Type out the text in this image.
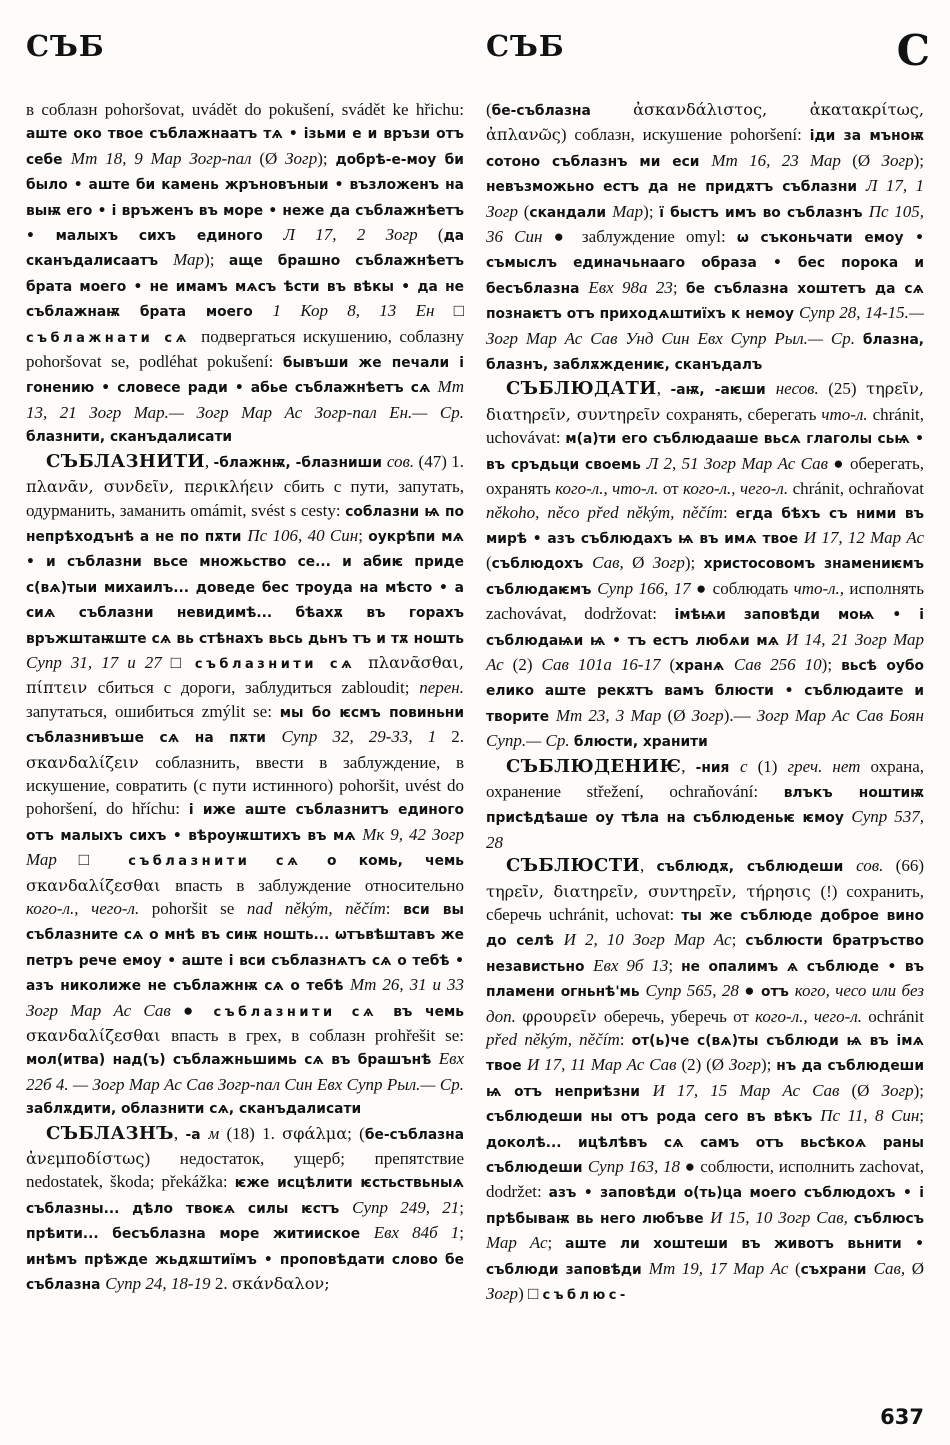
СЪБ	СЪБ	С

в соблазн pohoršovat, uvádět do pokušení, svádět ke hřichu: аште око твое съблажнаатъ тѧ • ізьми е и връзи отъ себе Мт 18, 9 Мар Зогр-пал (Ø Зогр); добрѣ-е-моу би было • аште би камень жръновъныи • възложенъ на выѭ его • і връженъ въ море • неже да съблажнѣетъ • малыхъ сихъ единого Л 17, 2 Зогр (да сканъдалисаатъ Мар); аще брашно съблажнѣетъ брата моего • не имамъ мѧсъ ѣсти въ вѣкы • да не съблажнаѭ брата моего 1 Кор 8, 13 Ен □ съблажнати сѧ подвергаться искушению, соблазну pohoršovat se, podléhat pokušení: бывъши же печали і гонению • словесе ради • абье съблажнѣетъ сѧ Мт 13, 21 Зогр Мар.— Зогр Мар Ас Зогр-пал Ен.— Ср. блазнити, сканъдалисати

СЪБЛАЗНИТИ, -блажнѭ, -блазниши сов. (47) 1. πλανᾶν, συνδεῖν, περικλήειν сбить с пути, запутать, одурманить, заманить omámit, svést s cesty: соблазни ѩ по непрѣходънѣ а не по пѫти Пс 106, 40 Син; оукрѣпи мѧ • и съблазни вьсе множьство се... и абиѥ приде с(вѧ)тыи михаилъ... доведе бес троуда на мѣсто • а сиѧ съблазни невидимѣ... бѣахѫ въ горахъ връжштаѭште сѧ вь стѣнахъ вьсь дьнъ тъ и тѫ ношть Супр 31, 17 и 27 □ съблазнити сѧ πλανᾶσθαι, πίπτειν сбиться с дороги, заблудиться zabloudit; перен. запутаться, ошибиться zmýlit se: мы бо ѥсмъ повиньни съблазнивъше сѧ на пѫти Супр 32, 29-33, 1 2. σκανδαλίζειν соблазнить, ввести в заблуждение, в искушение, совратить (с пути истинного) pohoršit, uvést do pohoršení, do hříchu: і иже аште съблазнитъ единого отъ малыхъ сихъ • вѣроуѭштихъ въ мѧ Мк 9, 42 Зогр Мар □ съблазнити сѧ о комь, чемь σκανδαλίζεσθαι впасть в заблуждение относительно кого-л., чего-л. pohoršit se nad někým, něčím: вси вы съблазните сѧ о мнѣ въ сиѭ ношть... ѡтъвѣштавъ же петръ рече емоу • аште і вси съблазнѧтъ сѧ о тебѣ • азъ николиже не съблажнѭ сѧ о тебѣ Мт 26, 31 и 33 Зогр Мар Ас Сав ● съблазнити сѧ въ чемь σκανδαλίζεσθαι впасть в грех, в соблазн prohřešit se: мол(итва) над(ъ) съблажньшимь сѧ въ брашънѣ Евх 22б 4. — Зогр Мар Ас Сав Зогр-пал Син Евх Супр Рыл.— Ср. заблѫдити, облазнити сѧ, сканъдалисати

СЪБЛАЗНЪ, -а м (18) 1. σφάλμα; (бе-съблазна ἀνεμποδίστως) недостаток, ущерб; препятствие nedostatek, škoda; překážka: ѥже исцѣлити ѥстьствьныѧ съблазны... дѣло твоѥѧ силы ѥстъ Супр 249, 21; прѣити... бесъблазна море житииское Евх 84б 1; инѣмъ прѣжде жьдѫштиїмъ • проповѣдати слово бе съблазна Супр 24, 18-19 2. σκάνδαλον;

(бе-съблазна ἀσκανδάλιστος, ἀκατακρίτως, ἀπλανῶς) соблазн, искушение pohoršení: іди за мъноѭ сотоно съблазнъ ми еси Мт 16, 23 Мар (Ø Зогр); невъзможьно естъ да не придѫтъ съблазни Л 17, 1 Зогр (скандали Мар); ї быстъ имъ во съблазнъ Пс 105, 36 Син ● заблуждение omyl: ѡ съконьчати емоу • съмыслъ единачьнааго образа • бес порока и бесъблазна Евх 98а 23; бе съблазна хоштетъ да сѧ познаѥтъ отъ приходѧштиїхъ к немоу Супр 28, 14-15.— Зогр Мар Ас Сав Унд Син Евх Супр Рыл.— Ср. блазна, блазнъ, заблѫждениѥ, сканъдалъ

СЪБЛЮДАТИ, -аѭ, -аѥши несов. (25) τηρεῖν, διατηρεῖν, συντηρεῖν сохранять, сберегать что-л. chránit, uchovávat: м(а)ти его съблюдааше вьсѧ глаголы сьѩ • въ сръдьци своемь Л 2, 51 Зогр Мар Ас Сав ● оберегать, охранять кого-л., что-л. от кого-л., чего-л. chránit, ochraňovat někoho, něco před někým, něčím: егда бѣхъ съ ними въ мирѣ • азъ съблюдахъ ѩ въ имѧ твое И 17, 12 Мар Ас (съблюдохъ Сав, Ø Зогр); христосовомъ знамениѥмъ съблюдаѥмъ Супр 166, 17 ● соблюдать что-л., исполнять zachovávat, dodržovat: імѣѩи заповѣди моѩ • і съблюдаѩи ѩ • тъ естъ любѧи мѧ И 14, 21 Зогр Мар Ас (2) Сав 101а 16-17 (хранѧ Сав 256 10); вьсѣ оубо елико аште рекѫтъ вамъ блюсти • съблюдаите и творите Мт 23, 3 Мар (Ø Зогр).— Зогр Мар Ас Сав Боян Супр.— Ср. блюсти, хранити

СЪБЛЮДЕНИѤ, -ния с (1) греч. нет охрана, охранение střežení, ochraňování: влъкъ ноштиѭ присѣдѣаше оу тѣла на съблюденьѥ ѥмоу Супр 537, 28

СЪБЛЮСТИ, съблюдѫ, съблюдеши сов. (66) τηρεῖν, διατηρεῖν, συντηρεῖν, τήρησις (!) сохранить, сберечь uchránit, uchovat: ты же съблюде доброе вино до селѣ И 2, 10 Зогр Мар Ас; съблюсти братръство независтьно Евх 9б 13; не опалимъ ѧ съблюде • въ пламени огньнѣ'мь Супр 565, 28 ● отъ кого, чесо или без доп. φρουρεῖν оберечь, уберечь от кого-л., чего-л. ochránit před někým, něčím: от(ь)че с(вѧ)ты съблюди ѩ въ імѧ твое И 17, 11 Мар Ас Сав (2) (Ø Зогр); нъ да съблюдеши ѩ отъ неприѣзни И 17, 15 Мар Ас Сав (Ø Зогр); съблюдеши ны отъ рода сего въ вѣкъ Пс 11, 8 Син; доколѣ... ицѣлѣвъ сѧ самъ отъ вьсѣкоѧ раны съблюдеши Супр 163, 18 ● соблюсти, исполнить zachovat, dodržet: азъ • заповѣди о(ть)ца моего съблюдохъ • і прѣбываѭ вь него любъве И 15, 10 Зогр Сав, съблюсъ Мар Ас; аште ли хоштеши въ животъ вьнити • съблюди заповѣди Мт 19, 17 Мар Ас (съхрани Сав, Ø Зогр) □ съблюс-

637
